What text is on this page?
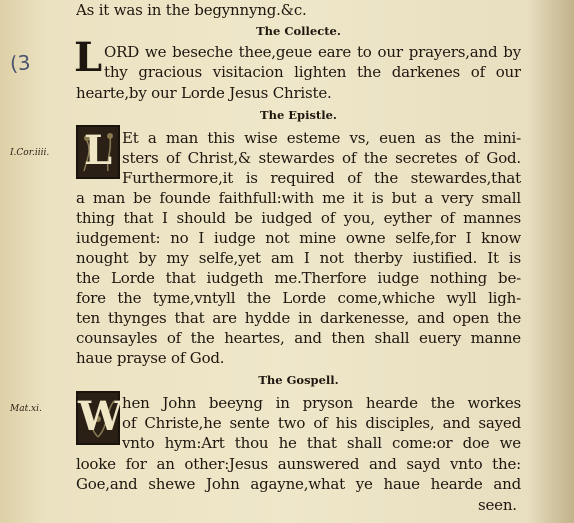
As it was in the begynnyng.&c.
The Collecte.
(3 L ORD we beseche thee,geue eare to our prayers,and by
thy gracious visitacion lighten the darkenes of our
hearte,by our Lorde Jesus Christe.
The Epistle.
I.Cor.iiii. L Et a man this wise esteme vs, euen as the mini-
sters of Christ,& stewardes of the secretes of God.
Furthermore,it is required of the stewardes,that
a man be founde faithfull:with me it is but a very small
thing that I should be iudged of you, eyther of mannes
iudgement: no I iudge not mine owne selfe,for I know
nought by my selfe,yet am I not therby iustified. It is
the Lorde that iudgeth me.Therfore iudge nothing be-
fore the tyme,vntyll the Lorde come,whiche wyll ligh-
ten thynges that are hydde in darkenesse, and open the
counsayles of the heartes, and then shall euery manne
haue prayse of God.
The Gospell.
Mat.xi. W hen John beeyng in pryson hearde the workes
of Christe,he sente two of his disciples, and sayed
vnto hym:Art thou he that shall come:or doe we
looke for an other:Jesus aunswered and sayd vnto the:
Goe,and shewe John agayne,what ye haue hearde and
seen.
